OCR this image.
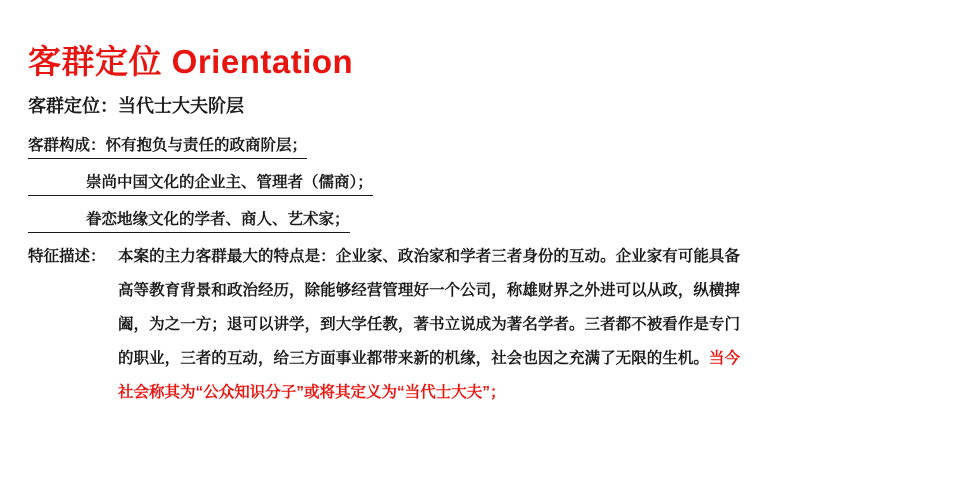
客群定位 Orientation
客群定位：当代士大夫阶层
客群构成：怀有抱负与责任的政商阶层；
崇尚中国文化的企业主、管理者（儒商）；
眷恋地缘文化的学者、商人、艺术家；
特征描述： 本案的主力客群最大的特点是：企业家、政治家和学者三者身份的互动。企业家有可能具备高等教育背景和政治经历，除能够经营管理好一个公司，称雄财界之外进可以从政，纵横捭阖，为之一方；退可以讲学，到大学任教，著书立说成为著名学者。三者都不被看作是专门的职业，三者的互动，给三方面事业都带来新的机缘，社会也因之充满了无限的生机。当今社会称其为“公众知识分子”或将其定义为“当代士大夫”；
